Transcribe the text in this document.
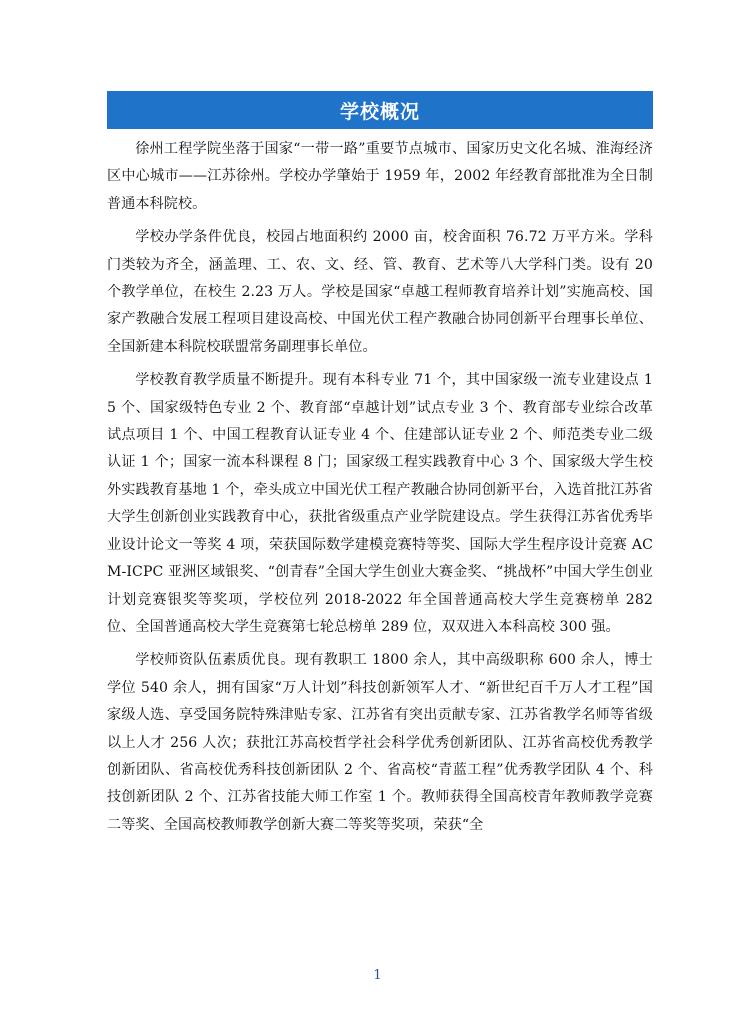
学校概况

徐州工程学院坐落于国家“一带一路”重要节点城市、国家历史文化名城、淮海经济区中心城市——江苏徐州。学校办学肇始于 1959 年，2002 年经教育部批准为全日制普通本科院校。

学校办学条件优良，校园占地面积约 2000 亩，校舍面积 76.72 万平方米。学科门类较为齐全，涵盖理、工、农、文、经、管、教育、艺术等八大学科门类。设有 20 个教学单位，在校生 2.23 万人。学校是国家“卓越工程师教育培养计划”实施高校、国家产教融合发展工程项目建设高校、中国光伏工程产教融合协同创新平台理事长单位、全国新建本科院校联盟常务副理事长单位。

学校教育教学质量不断提升。现有本科专业 71 个，其中国家级一流专业建设点 15 个、国家级特色专业 2 个、教育部“卓越计划”试点专业 3 个、教育部专业综合改革试点项目 1 个、中国工程教育认证专业 4 个、住建部认证专业 2 个、师范类专业二级认证 1 个；国家一流本科课程 8 门；国家级工程实践教育中心 3 个、国家级大学生校外实践教育基地 1 个，牵头成立中国光伏工程产教融合协同创新平台，入选首批江苏省大学生创新创业实践教育中心，获批省级重点产业学院建设点。学生获得江苏省优秀毕业设计论文一等奖 4 项，荣获国际数学建模竞赛特等奖、国际大学生程序设计竞赛 ACM-ICPC 亚洲区域银奖、“创青春”全国大学生创业大赛金奖、“挑战杯”中国大学生创业计划竞赛银奖等奖项，学校位列 2018-2022 年全国普通高校大学生竞赛榜单 282 位、全国普通高校大学生竞赛第七轮总榜单 289 位，双双进入本科高校 300 强。

学校师资队伍素质优良。现有教职工 1800 余人，其中高级职称 600 余人，博士学位 540 余人，拥有国家“万人计划”科技创新领军人才、“新世纪百千万人才工程”国家级人选、享受国务院特殊津贴专家、江苏省有突出贡献专家、江苏省教学名师等省级以上人才 256 人次；获批江苏高校哲学社会科学优秀创新团队、江苏省高校优秀教学创新团队、省高校优秀科技创新团队 2 个、省高校“青蓝工程”优秀教学团队 4 个、科技创新团队 2 个、江苏省技能大师工作室 1 个。教师获得全国高校青年教师教学竞赛二等奖、全国高校教师教学创新大赛二等奖等奖项，荣获“全

1
